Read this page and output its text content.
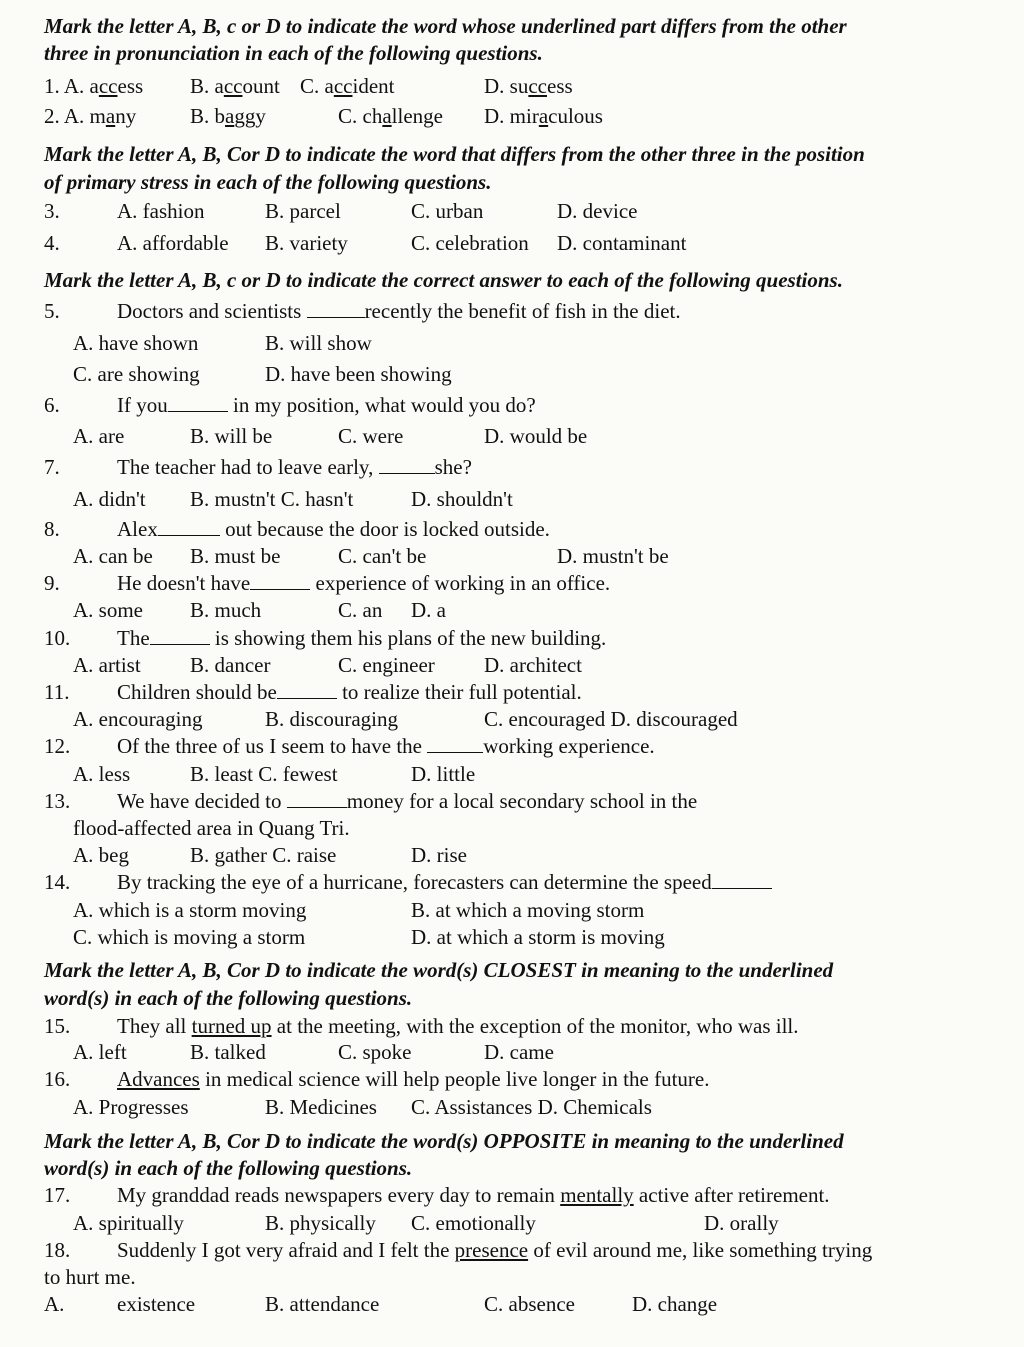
Mark the letter A, B, c or D to indicate the word whose underlined part differs from the other
three in pronunciation in each of the following questions.
1. A. access B. account C. accident	D. success
2. A. many	B. baggy	C. challenge D. miraculous
Mark the letter A, B, Cor D to indicate the word that differs from the other three in the position
of primary stress in each of the following questions.
3.	A. fashion	B. parcel	C. urban	D. device
4.	A. affordable B. variety	C. celebration D. contaminant
Mark the letter A, B, c or D to indicate the correct answer to each of the following questions.
5.	Doctors and scientists	recently the benefit of fish in the diet.
A. have shown	B. will show
C. are showing	D. have been showing
6.	If you	in my position, what would you do?
A. are	B. will be	C. were	D. would be
7.	The teacher had to leave early,	she?
A. didn't B. mustn't C. hasn't	D. shouldn't
8.	Alex	out because the door is locked outside.
A. can be B. must be	C. can't be	D. mustn't be
9.	He doesn't have	experience of working in an office.
A. some B. much	C. an D. a
10. The	is showing them his plans of the new building.
A. artist B. dancer	C. engineer D. architect
11. Children should be	to realize their full potential.
A. encouraging	B. discouraging	C. encouraged D. discouraged
12. Of the three of us I seem to have the	working experience.
A. less	B. least C. fewest	D. little
13. We have decided to	money for a local secondary school in the
flood-affected area in Quang Tri.
A. beg	B. gather C. raise	D. rise
14. By tracking the eye of a hurricane, forecasters can determine the speed
A. which is a storm moving	B. at which a moving storm
C. which is moving a storm	D. at which a storm is moving
Mark the letter A, B, Cor D to indicate the word(s) CLOSEST in meaning to the underlined
word(s) in each of the following questions.
15. They all turned up at the meeting, with the exception of the monitor, who was ill.
A. left	B. talked	C. spoke	D. came
16. Advances in medical science will help people live longer in the future.
A. Progresses	B. Medicines C. Assistances D. Chemicals
Mark the letter A, B, Cor D to indicate the word(s) OPPOSITE in meaning to the underlined
word(s) in each of the following questions.
17. My granddad reads newspapers every day to remain mentally active after retirement.
A. spiritually	B. physically C. emotionally	D. orally
18. Suddenly I got very afraid and I felt the presence of evil around me, like something trying
to hurt me.
A.	existence	B. attendance	C. absence	D. change
